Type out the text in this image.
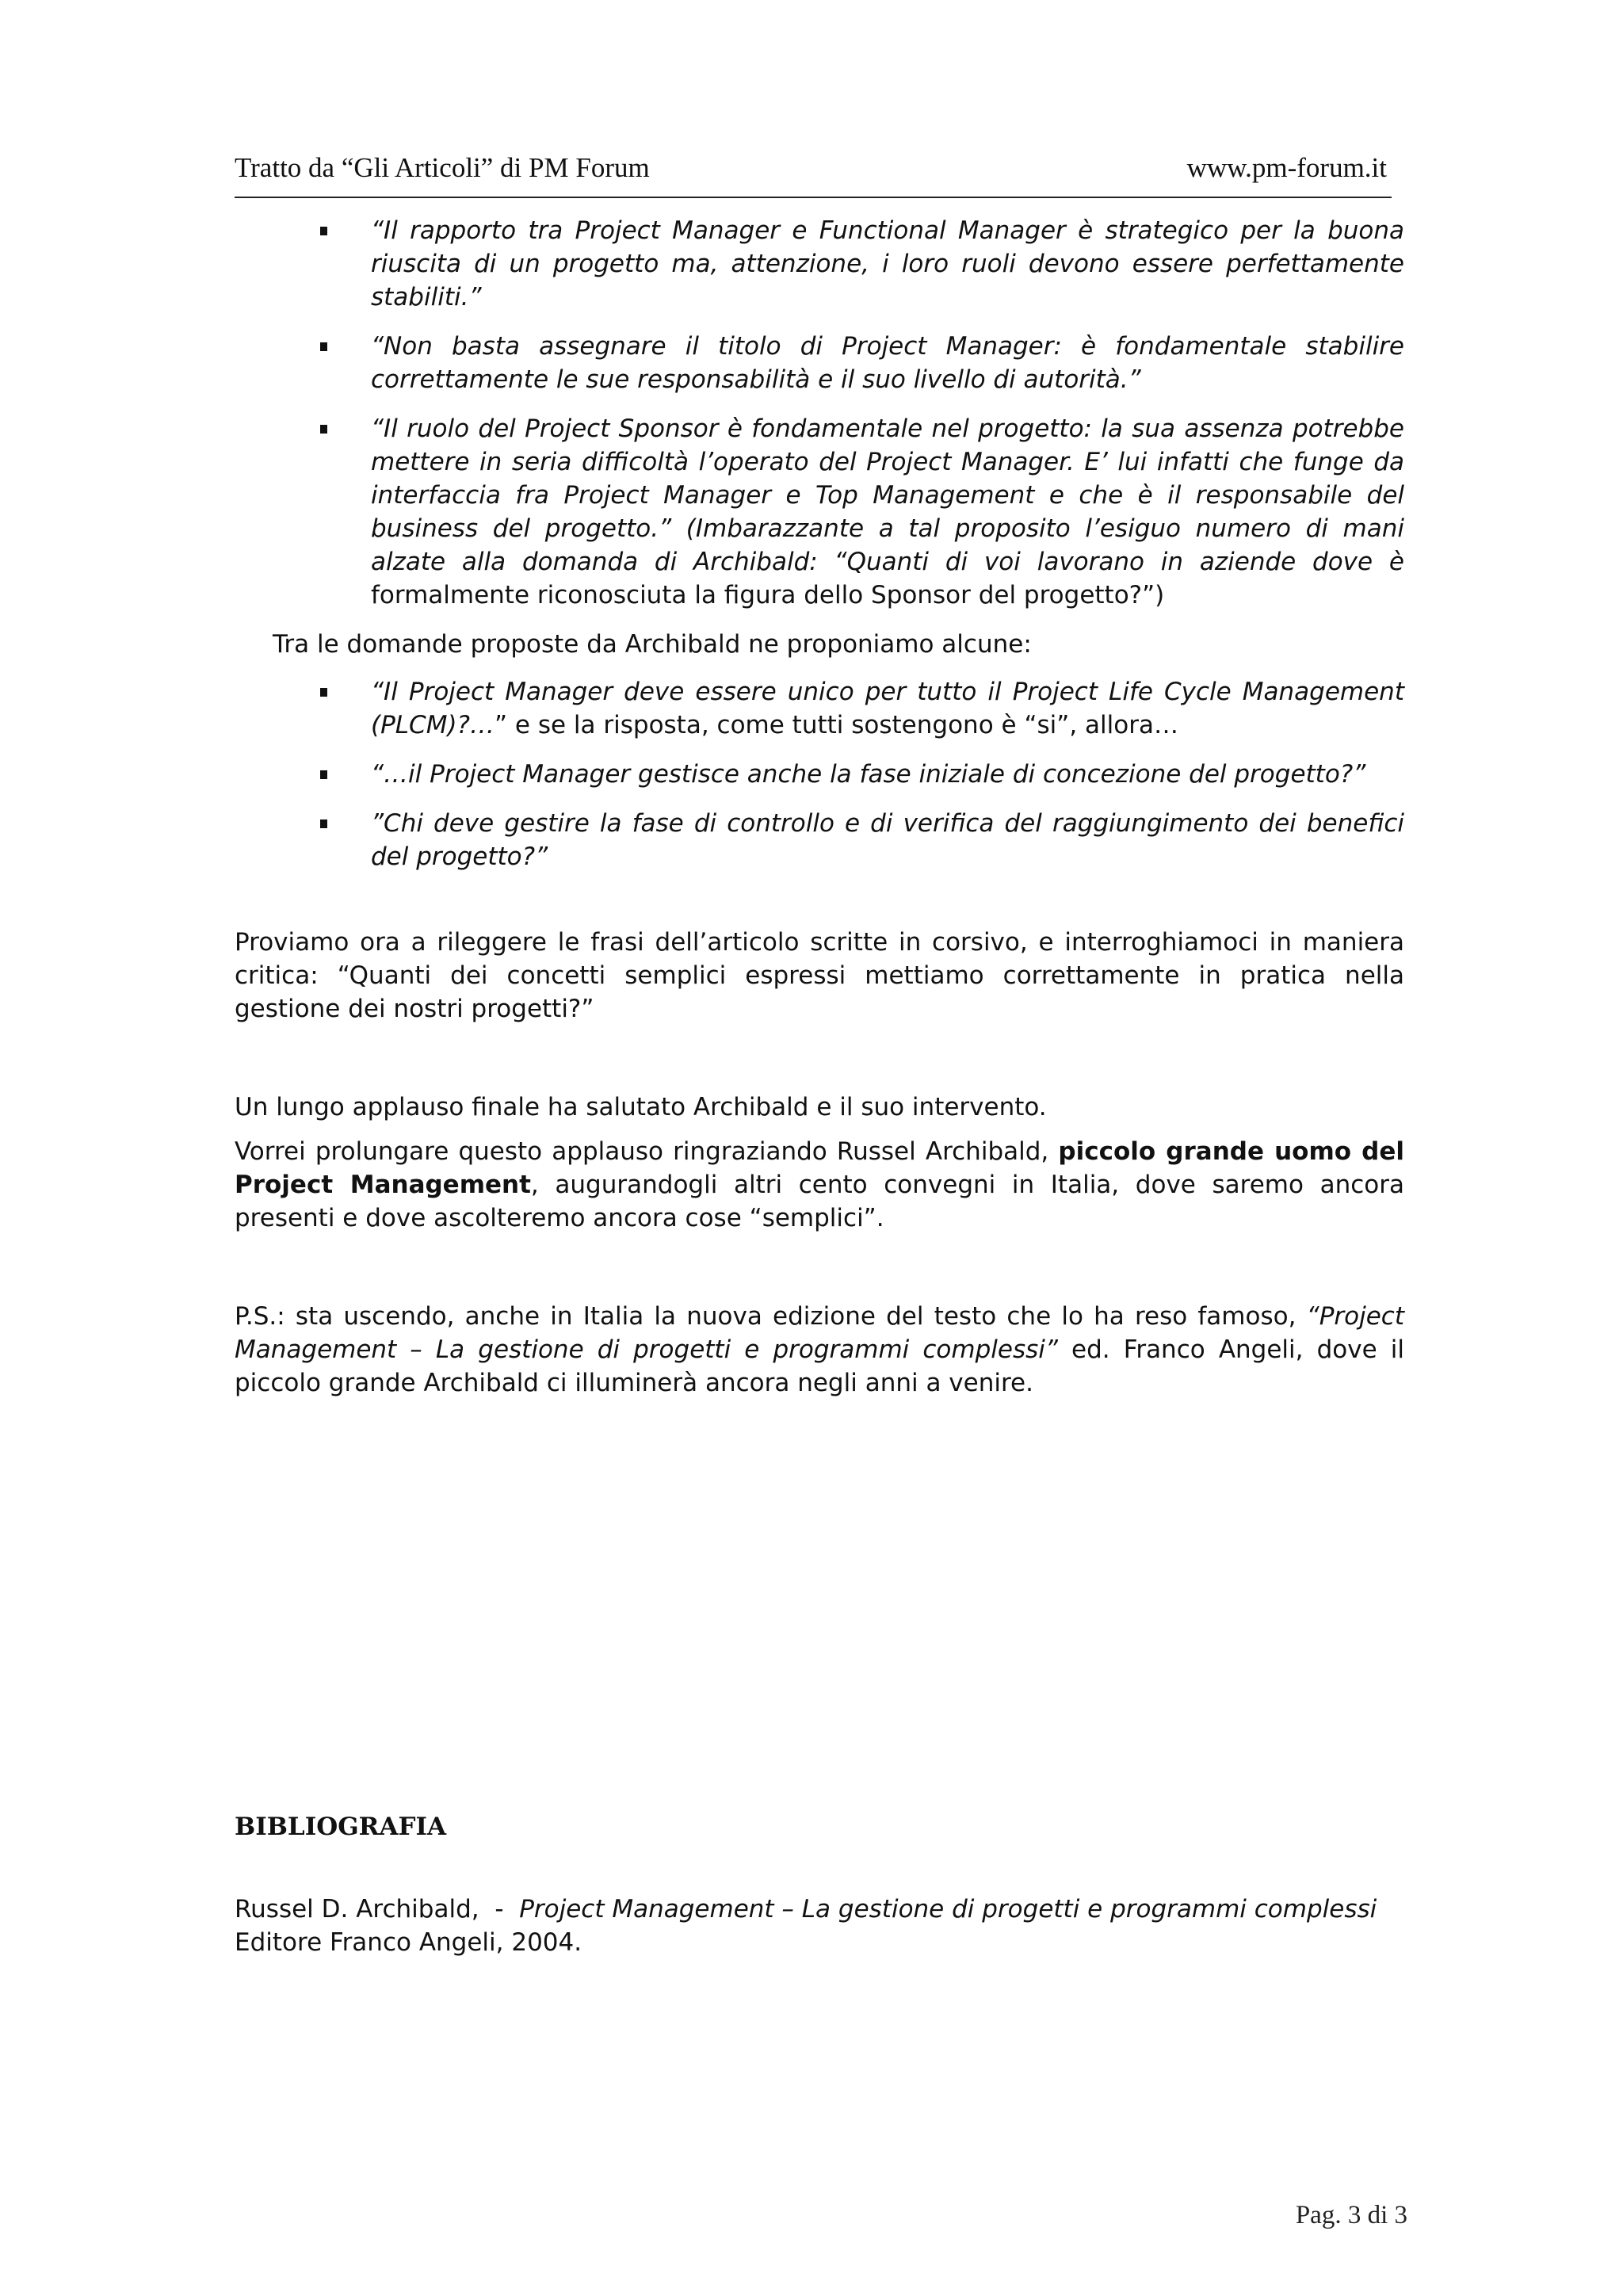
Tratto da “Gli Articoli” di PM Forum	www.pm-forum.it
“Il rapporto tra Project Manager e Functional Manager è strategico per la buona riuscita di un progetto ma, attenzione, i loro ruoli devono essere perfettamente stabiliti.”
“Non basta assegnare il titolo di Project Manager: è fondamentale stabilire correttamente le sue responsabilità e il suo livello di autorità.”
“Il ruolo del Project Sponsor è fondamentale nel progetto: la sua assenza potrebbe mettere in seria difficoltà l’operato del Project Manager. E’ lui infatti che funge da interfaccia fra Project Manager e Top Management e che è il responsabile del business del progetto.” (Imbarazzante a tal proposito l’esiguo numero di mani alzate alla domanda di Archibald: “Quanti di voi lavorano in aziende dove è formalmente riconosciuta la figura dello Sponsor del progetto?”)

Tra le domande proposte da Archibald ne proponiamo alcune:

“Il Project Manager deve essere unico per tutto il Project Life Cycle Management (PLCM)?…” e se la risposta, come tutti sostengono è “si”, allora…
“…il Project Manager gestisce anche la fase iniziale di concezione del progetto?”
”Chi deve gestire la fase di controllo e di verifica del raggiungimento dei benefici del progetto?”

Proviamo ora a rileggere le frasi dell’articolo scritte in corsivo, e interroghiamoci in maniera critica: “Quanti dei concetti semplici espressi mettiamo correttamente in pratica nella gestione dei nostri progetti?”

Un lungo applauso finale ha salutato Archibald e il suo intervento.

Vorrei prolungare questo applauso ringraziando Russel Archibald, piccolo grande uomo del Project Management, augurandogli altri cento convegni in Italia, dove saremo ancora presenti e dove ascolteremo ancora cose “semplici”.

P.S.: sta uscendo, anche in Italia la nuova edizione del testo che lo ha reso famoso, “Project Management – La gestione di progetti e programmi complessi” ed. Franco Angeli, dove il piccolo grande Archibald ci illuminerà ancora negli anni a venire.

BIBLIOGRAFIA

Russel D. Archibald,  -  Project Management – La gestione di progetti e programmi complessi
Editore Franco Angeli, 2004.

Pag. 3 di 3
